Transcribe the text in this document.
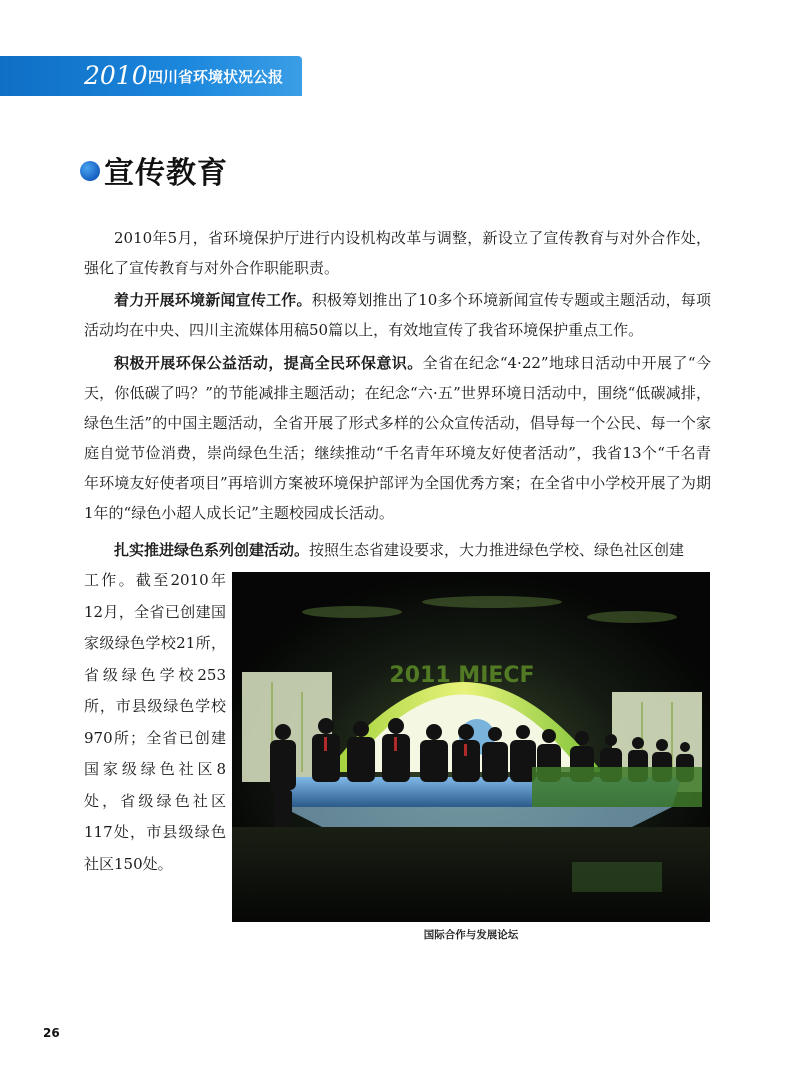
2010 四川省环境状况公报
宣传教育

2010年5月，省环境保护厅进行内设机构改革与调整，新设立了宣传教育与对外合作处，强化了宣传教育与对外合作职能职责。

着力开展环境新闻宣传工作。积极筹划推出了10多个环境新闻宣传专题或主题活动，每项活动均在中央、四川主流媒体用稿50篇以上，有效地宣传了我省环境保护重点工作。

积极开展环保公益活动，提高全民环保意识。全省在纪念“4·22”地球日活动中开展了“今天，你低碳了吗？”的节能减排主题活动；在纪念“六·五”世界环境日活动中，围绕“低碳减排，绿色生活”的中国主题活动，全省开展了形式多样的公众宣传活动，倡导每一个公民、每一个家庭自觉节俭消费，崇尚绿色生活；继续推动“千名青年环境友好使者活动”，我省13个“千名青年环境友好使者项目”再培训方案被环境保护部评为全国优秀方案；在全省中小学校开展了为期1年的“绿色小超人成长记”主题校园成长活动。

扎实推进绿色系列创建活动。按照生态省建设要求，大力推进绿色学校、绿色社区创建

工作。截至2010年12月，全省已创建国家级绿色学校21所，省级绿色学校253所，市县级绿色学校970所；全省已创建国家级绿色社区8处，省级绿色社区117处，市县级绿色社区150处。
2011 MIECF
国际合作与发展论坛
26
